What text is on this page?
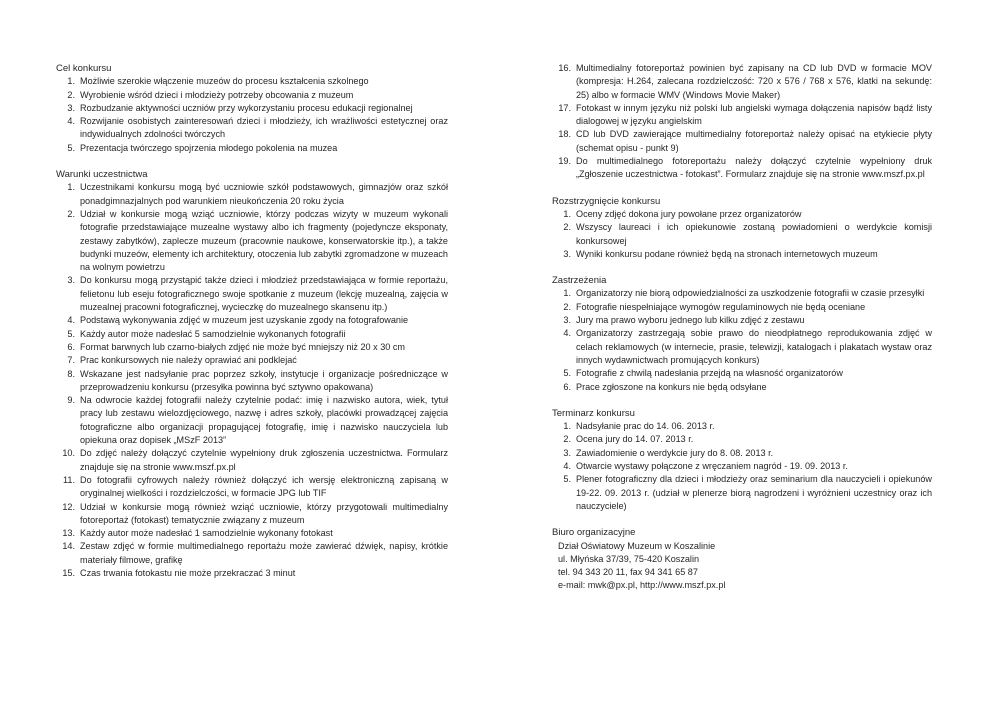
Cel konkursu
1. Możliwie szerokie włączenie muzeów do procesu kształcenia szkolnego
2. Wyrobienie wśród dzieci i młodzieży potrzeby obcowania z muzeum
3. Rozbudzanie aktywności uczniów przy wykorzystaniu procesu edukacji regionalnej
4. Rozwijanie osobistych zainteresowań dzieci i młodzieży, ich wrażliwości estetycznej oraz indywidualnych zdolności twórczych
5. Prezentacja twórczego spojrzenia młodego pokolenia na muzea
Warunki uczestnictwa
1. Uczestnikami konkursu mogą być uczniowie szkół podstawowych, gimnazjów oraz szkół ponadgimnazjalnych pod warunkiem nieukończenia 20 roku życia
2. Udział w konkursie mogą wziąć uczniowie, którzy podczas wizyty w muzeum wykonali fotografie przedstawiające muzealne wystawy albo ich fragmenty (pojedyncze eksponaty, zestawy zabytków), zaplecze muzeum (pracownie naukowe, konserwatorskie itp.), a także budynki muzeów, elementy ich architektury, otoczenia lub zabytki zgromadzone w muzeach na wolnym powietrzu
3. Do konkursu mogą przystąpić także dzieci i młodzież przedstawiająca w formie reportażu, felietonu lub eseju fotograficznego swoje spotkanie z muzeum (lekcję muzealną, zajęcia w muzealnej pracowni fotograficznej, wycieczkę do muzealnego skansenu itp.)
4. Podstawą wykonywania zdjęć w muzeum jest uzyskanie zgody na fotografowanie
5. Każdy autor może nadesłać 5 samodzielnie wykonanych fotografii
6. Format barwnych lub czarno-białych zdjęć nie może być mniejszy niż 20 x 30 cm
7. Prac konkursowych nie należy oprawiać ani podklejać
8. Wskazane jest nadsyłanie prac poprzez szkoły, instytucje i organizacje pośredniczące w przeprowadzeniu konkursu (przesyłka powinna być sztywno opakowana)
9. Na odwrocie każdej fotografii należy czytelnie podać: imię i nazwisko autora, wiek, tytuł pracy lub zestawu wielozdjęciowego, nazwę i adres szkoły, placówki prowadzącej zajęcia fotograficzne albo organizacji propagującej fotografię, imię i nazwisko nauczyciela lub opiekuna oraz dopisek „MSzF 2013”
10. Do zdjęć należy dołączyć czytelnie wypełniony druk zgłoszenia uczestnictwa. Formularz znajduje się na stronie www.mszf.px.pl
11. Do fotografii cyfrowych należy również dołączyć ich wersję elektroniczną zapisaną w oryginalnej wielkości i rozdzielczości, w formacie JPG lub TIF
12. Udział w konkursie mogą również wziąć uczniowie, którzy przygotowali multimedialny fotoreportaż (fotokast) tematycznie związany z muzeum
13. Każdy autor może nadesłać 1 samodzielnie wykonany fotokast
14. Zestaw zdjęć w formie multimedialnego reportażu może zawierać dźwięk, napisy, krótkie materiały filmowe, grafikę
15. Czas trwania fotokastu nie może przekraczać 3 minut
16. Multimedialny fotoreportaż powinien być zapisany na CD lub DVD w formacie MOV (kompresja: H.264, zalecana rozdzielczość: 720 x 576 / 768 x 576, klatki na sekundę: 25) albo w formacie WMV (Windows Movie Maker)
17. Fotokast w innym języku niż polski lub angielski wymaga dołączenia napisów bądź listy dialogowej w języku angielskim
18. CD lub DVD zawierające multimedialny fotoreportaż należy opisać na etykiecie płyty (schemat opisu - punkt 9)
19. Do multimedialnego fotoreportażu należy dołączyć czytelnie wypełniony druk „Zgłoszenie uczestnictwa - fotokast”. Formularz znajduje się na stronie www.mszf.px.pl
Rozstrzygnięcie konkursu
1. Oceny zdjęć dokona jury powołane przez organizatorów
2. Wszyscy laureaci i ich opiekunowie zostaną powiadomieni o werdykcie komisji konkursowej
3. Wyniki konkursu podane również będą na stronach internetowych muzeum
Zastrzeżenia
1. Organizatorzy nie biorą odpowiedzialności za uszkodzenie fotografii w czasie przesyłki
2. Fotografie niespełniające wymogów regulaminowych nie będą oceniane
3. Jury ma prawo wyboru jednego lub kilku zdjęć z zestawu
4. Organizatorzy zastrzegają sobie prawo do nieodpłatnego reprodukowania zdjęć w celach reklamowych (w internecie, prasie, telewizji, katalogach i plakatach wystaw oraz innych wydawnictwach promujących konkurs)
5. Fotografie z chwilą nadesłania przejdą na własność organizatorów
6. Prace zgłoszone na konkurs nie będą odsyłane
Terminarz konkursu
1. Nadsyłanie prac do 14. 06. 2013 r.
2. Ocena jury do 14. 07. 2013 r.
3. Zawiadomienie o werdykcie jury do 8. 08. 2013 r.
4. Otwarcie wystawy połączone z wręczaniem nagród - 19. 09. 2013 r.
5. Plener fotograficzny dla dzieci i młodzieży oraz seminarium dla nauczycieli i opiekunów 19-22. 09. 2013 r. (udział w plenerze biorą nagrodzeni i wyróżnieni uczestnicy oraz ich nauczyciele)
Biuro organizacyjne
Dział Oświatowy Muzeum w Koszalinie
ul. Młyńska 37/39, 75-420 Koszalin
tel. 94 343 20 11, fax 94 341 65 87
e-mail: mwk@px.pl, http://www.mszf.px.pl
